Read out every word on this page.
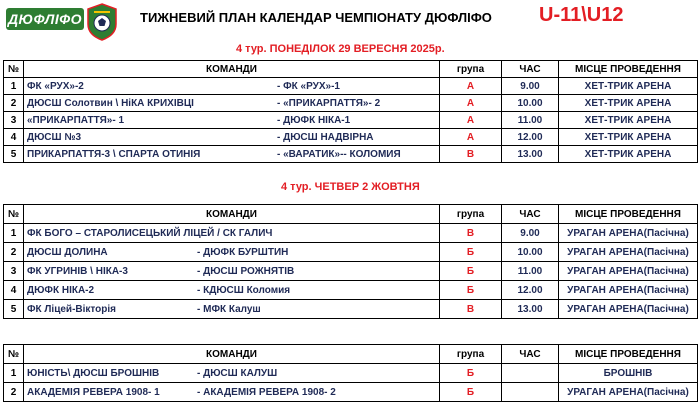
ДЮФЛІФО	ТИЖНЕВИЙ ПЛАН КАЛЕНДАР ЧЕМПІОНАТУ ДЮФЛІФО U-11\U12
4 тур. ПОНЕДІЛОК 29 ВЕРЕСНЯ 2025р.
№	КОМАНДИ	група	ЧАС	МІСЦЕ ПРОВЕДЕННЯ
1	ФК «РУХ»-2 - ФК «РУХ»-1	А	9.00	ХЕТ-ТРИК АРЕНА
2	ДЮСШ Солотвин \ НіКА КРИХІВЦІ - «ПРИКАРПАТТЯ»- 2	А	10.00	ХЕТ-ТРИК АРЕНА
3	«ПРИКАРПАТТЯ»- 1 - ДЮФК НІКА-1	А	11.00	ХЕТ-ТРИК АРЕНА
4	ДЮСШ №3 - ДЮСШ НАДВІРНА	А	12.00	ХЕТ-ТРИК АРЕНА
5	ПРИКАРПАТТЯ-3 \ СПАРТА ОТИНІЯ - «ВАРАТИК»-- КОЛОМИЯ	В	13.00	ХЕТ-ТРИК АРЕНА
4 тур. ЧЕТВЕР 2 ЖОВТНЯ
№	КОМАНДИ	група	ЧАС	МІСЦЕ ПРОВЕДЕННЯ
1	ФК БОГО – СТАРОЛИСЕЦЬКИЙ ЛІЦЕЙ / СК ГАЛИЧ	В	9.00	УРАГАН АРЕНА(Пасічна)
2	ДЮСШ ДОЛИНА - ДЮФК БУРШТИН	Б	10.00	УРАГАН АРЕНА(Пасічна)
3	ФК УГРИНІВ \ НІКА-3 - ДЮСШ РОЖНЯТІВ	Б	11.00	УРАГАН АРЕНА(Пасічна)
4	ДЮФК НІКА-2 - КДЮСШ Коломия	Б	12.00	УРАГАН АРЕНА(Пасічна)
5	ФК Ліцей-Вікторія - МФК Калуш	В	13.00	УРАГАН АРЕНА(Пасічна)
№	КОМАНДИ	група	ЧАС	МІСЦЕ ПРОВЕДЕННЯ
1	ЮНІСТЬ\ ДЮСШ БРОШНІВ - ДЮСШ КАЛУШ	Б		БРОШНІВ
2	АКАДЕМІЯ РЕВЕРА 1908- 1 - АКАДЕМІЯ РЕВЕРА 1908- 2	Б		УРАГАН АРЕНА(Пасічна)
